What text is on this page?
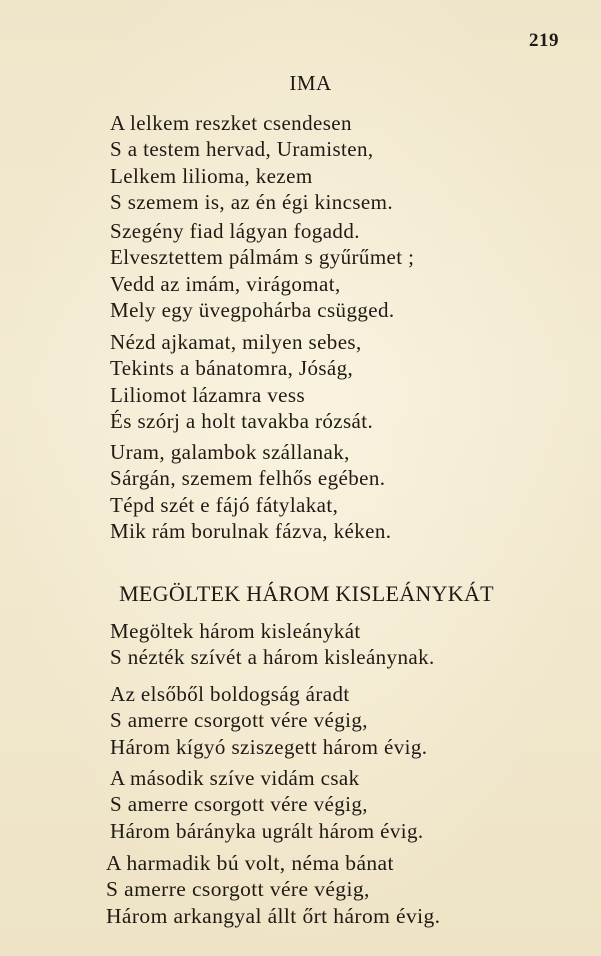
219
IMA
A lelkem reszket csendesen
S a testem hervad, Uramisten,
Lelkem liliomа, kezem
S szemem is, az én égi kincsem.
Szegény fiad lágyan fogadd.
Elvesztettem pálmám s gyűrűmet ;
Vedd az imám, virágomat,
Mely egy üvegpohárba csügged.
Nézd ajkamat, milyen sebes,
Tekints a bánatomra, Jóság,
Liliomot lázamra vess
És szórj a holt tavakba rózsát.
Uram, galambok szállanak,
Sárgán, szemem felhős egében.
Tépd szét e fájó fátylakat,
Mik rám borulnak fázva, kéken.
MEGÖLTEK HÁROM KISLEÁNYKÁT
Megöltek három kisleánykát
S nézték szívét a három kisleánynak.
Az elsőből boldogság áradt
S amerre csorgott vére végig,
Három kígyó sziszegett három évig.
A második szíve vidám csak
S amerre csorgott vére végig,
Három bárányka ugrált három évig.
A harmadik bú volt, néma bánat
S amerre csorgott vére végig,
Három arkangyal állt őrt három évig.
